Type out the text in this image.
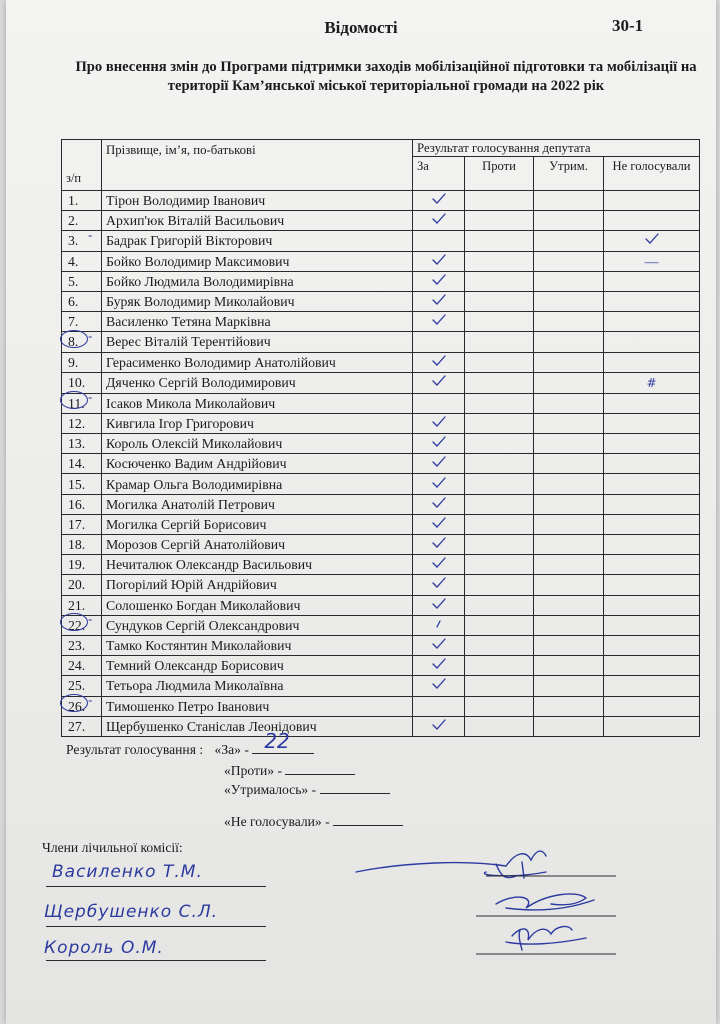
Відомості	30-1
Про внесення змін до Програми підтримки заходів мобілізаційної підготовки та мобілізації на території Кам’янської міської територіальної громади на 2022 рік
з/п	Прізвище, ім’я, по-батькові	Результат голосування депутата			
		За	Проти	Утрим.	Не голосували
1.	Тірон Володимир Іванович				
2.	Архип'юк Віталій Васильович				
3.	Бадрак Григорій Вікторович				
4.	Бойко Володимир Максимович				—
5.	Бойко Людмила Володимирівна				
6.	Буряк Володимир Миколайович				
7.	Василенко Тетяна Марківна				
8.	Верес Віталій Терентійович				
9.	Герасименко Володимир Анатолійович				
10.	Дяченко Сергій Володимирович				#
11.	Ісаков Микола Миколайович				
12.	Кивгила Ігор Григорович				
13.	Король Олексій Миколайович				
14.	Косюченко Вадим Андрійович				
15.	Крамар Ольга Володимирівна				
16.	Могилка Анатолій Петрович				
17.	Могилка Сергій Борисович				
18.	Морозов Сергій Анатолійович				
19.	Нечиталюк Олександр Васильович				
20.	Погорілий Юрій Андрійович				
21.	Солошенко Богдан Миколайович				
22.	Сундуков Сергій Олександрович				
23.	Тамко Костянтин Миколайович				
24.	Темний Олександр Борисович				
25.	Тетьора Людмила Миколаївна				
26.	Тимошенко Петро Іванович				
27.	Щербушенко Станіслав Леонідович				
-
-
-
-
-
Результат голосування : «За» - 22
«Проти» -
«Утрималось» -
«Не голосували» -
Члени лічильної комісії:
Василенко Т.М.
Щербушенко С.Л.
Король О.М.
